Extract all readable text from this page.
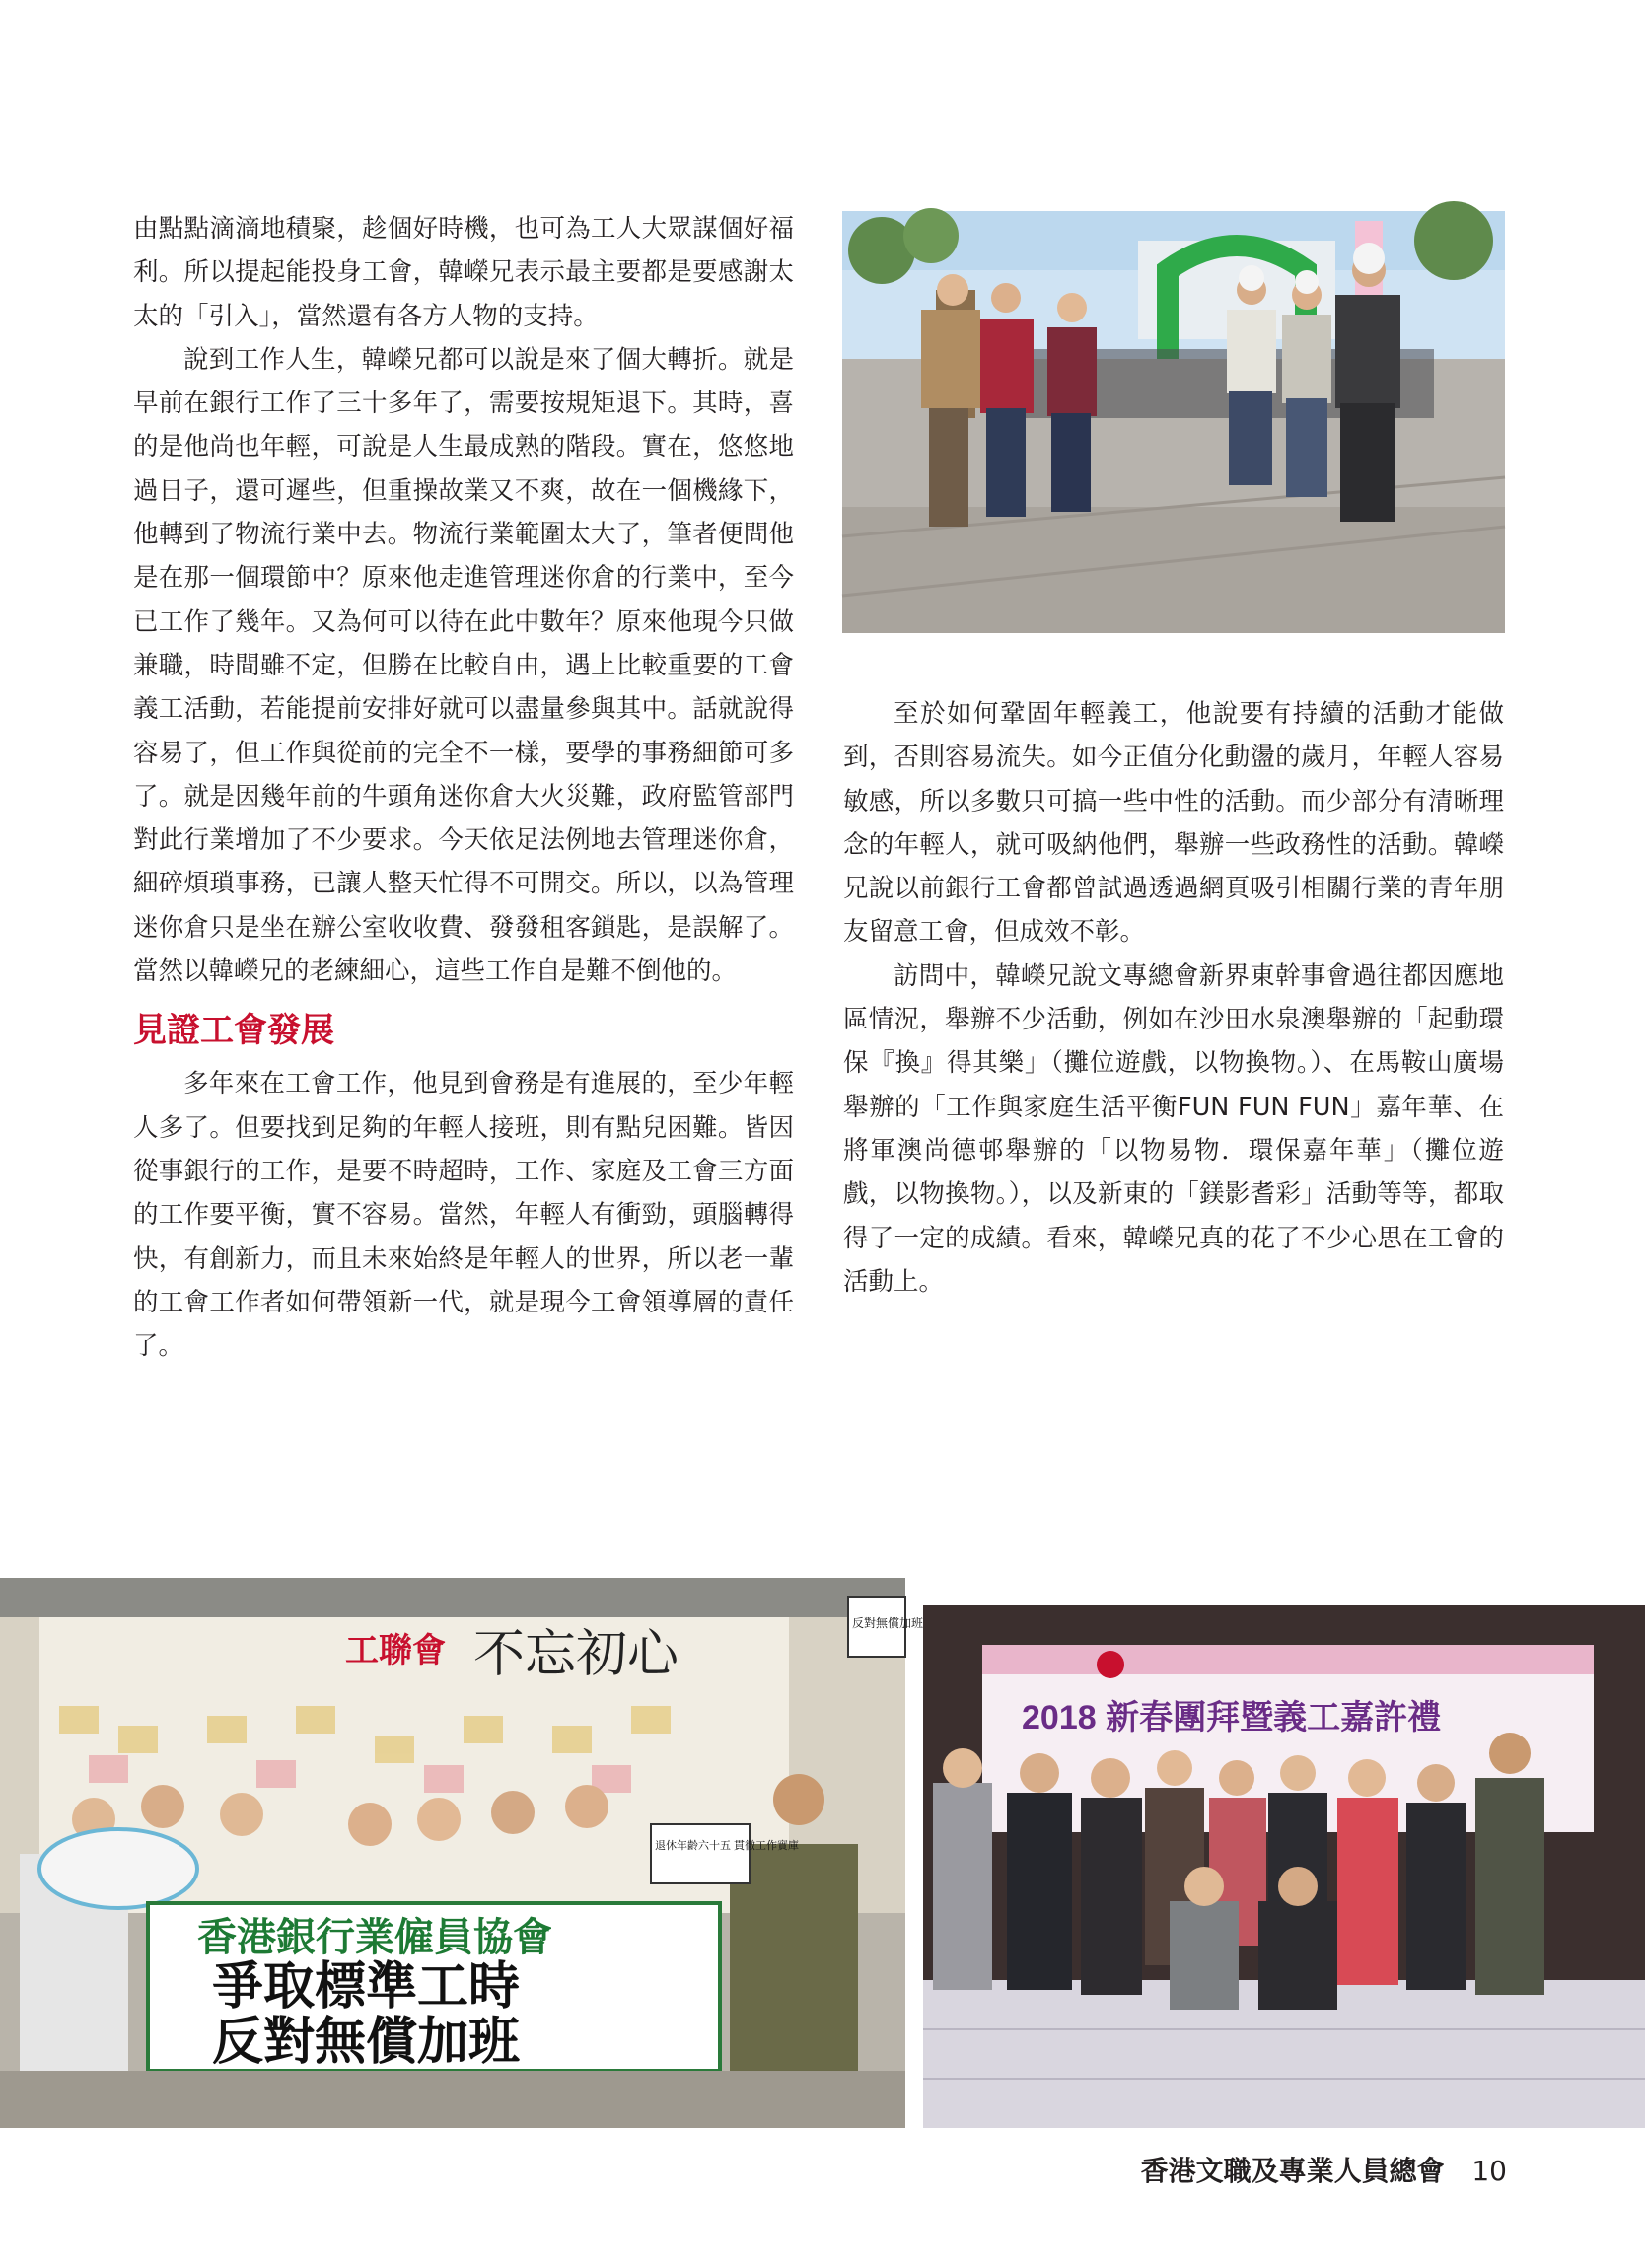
由點點滴滴地積聚，趁個好時機，也可為工人大眾謀個好福利。所以提起能投身工會，韓嶸兄表示最主要都是要感謝太太的「引入」，當然還有各方人物的支持。

說到工作人生，韓嶸兄都可以說是來了個大轉折。就是早前在銀行工作了三十多年了，需要按規矩退下。其時，喜的是他尚也年輕，可說是人生最成熟的階段。實在，悠悠地過日子，還可遲些，但重操故業又不爽，故在一個機緣下，他轉到了物流行業中去。物流行業範圍太大了，筆者便問他是在那一個環節中？原來他走進管理迷你倉的行業中，至今已工作了幾年。又為何可以待在此中數年？原來他現今只做兼職，時間雖不定，但勝在比較自由，遇上比較重要的工會義工活動，若能提前安排好就可以盡量參與其中。話就說得容易了，但工作與從前的完全不一樣，要學的事務細節可多了。就是因幾年前的牛頭角迷你倉大火災難，政府監管部門對此行業增加了不少要求。今天依足法例地去管理迷你倉，細碎煩瑣事務，已讓人整天忙得不可開交。所以，以為管理迷你倉只是坐在辦公室收收費、發發租客鎖匙，是誤解了。當然以韓嶸兄的老練細心，這些工作自是難不倒他的。

見證工會發展

多年來在工會工作，他見到會務是有進展的，至少年輕人多了。但要找到足夠的年輕人接班，則有點兒困難。皆因從事銀行的工作，是要不時超時，工作、家庭及工會三方面的工作要平衡，實不容易。當然，年輕人有衝勁，頭腦轉得快，有創新力，而且未來始終是年輕人的世界，所以老一輩的工會工作者如何帶領新一代，就是現今工會領導層的責任了。

至於如何鞏固年輕義工，他說要有持續的活動才能做到，否則容易流失。如今正值分化動盪的歲月，年輕人容易敏感，所以多數只可搞一些中性的活動。而少部分有清晰理念的年輕人，就可吸納他們，舉辦一些政務性的活動。韓嶸兄說以前銀行工會都曾試過透過網頁吸引相關行業的青年朋友留意工會，但成效不彰。

訪問中，韓嶸兄說文專總會新界東幹事會過往都因應地區情況，舉辦不少活動，例如在沙田水泉澳舉辦的「起動環保『換』得其樂」（攤位遊戲，以物換物。）、在馬鞍山廣場舉辦的「工作與家庭生活平衡FUN FUN FUN」嘉年華、在將軍澳尚德邨舉辦的「以物易物．環保嘉年華」（攤位遊戲，以物換物。），以及新東的「鎂影耆彩」活動等等，都取得了一定的成績。看來，韓嶸兄真的花了不少心思在工會的活動上。

不忘初心
工聯會
反對無償加班
香港銀行業僱員協會
爭取標準工時
反對無償加班
退休年齡六十五 貫徹工作實庫
2018 新春團拜暨義工嘉許禮
香港文職及專業人員總會 10
